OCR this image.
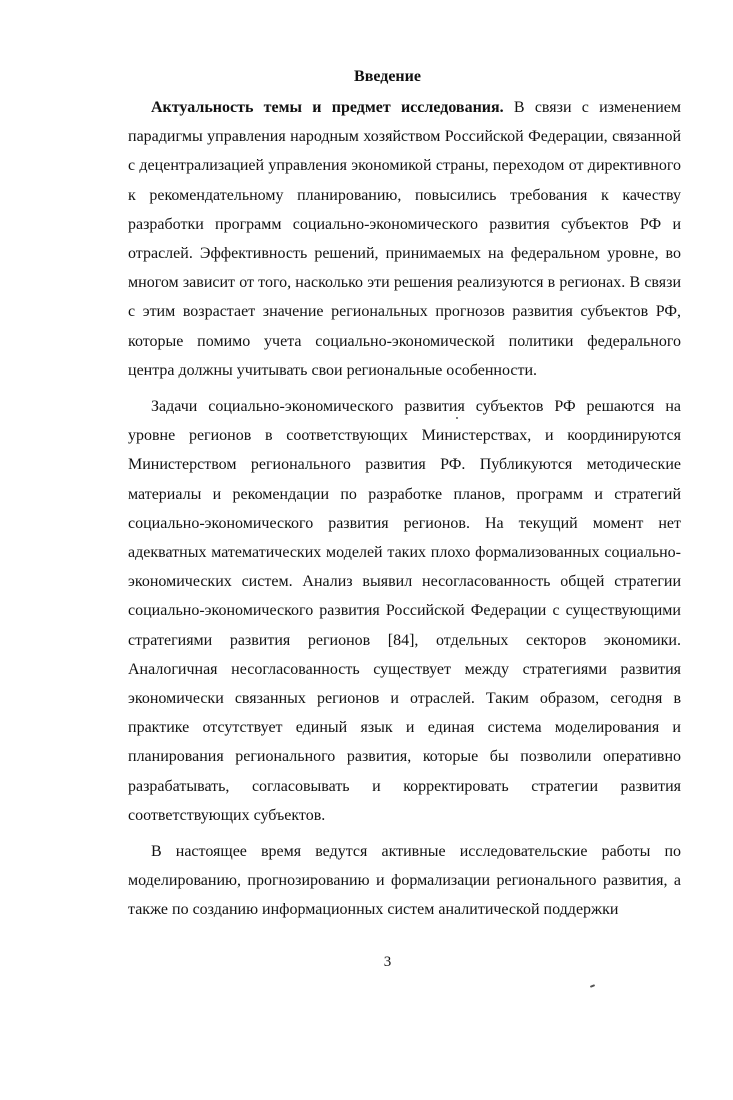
Введение

Актуальность темы и предмет исследования. В связи с изменением парадигмы управления народным хозяйством Российской Федерации, связанной с децентрализацией управления экономикой страны, переходом от директивного к рекомендательному планированию, повысились требования к качеству разработки программ социально-экономического развития субъектов РФ и отраслей. Эффективность решений, принимаемых на федеральном уровне, во многом зависит от того, насколько эти решения реализуются в регионах. В связи с этим возрастает значение региональных прогнозов развития субъектов РФ, которые помимо учета социально-экономической политики федерального центра должны учитывать свои региональные особенности.

Задачи социально-экономического развития субъектов РФ решаются на уровне регионов в соответствующих Министерствах, и координируются Министерством регионального развития РФ. Публикуются методические материалы и рекомендации по разработке планов, программ и стратегий социально-экономического развития регионов. На текущий момент нет адекватных математических моделей таких плохо формализованных социально-экономических систем. Анализ выявил несогласованность общей стратегии социально-экономического развития Российской Федерации с существующими стратегиями развития регионов [84], отдельных секторов экономики. Аналогичная несогласованность существует между стратегиями развития экономически связанных регионов и отраслей. Таким образом, сегодня в практике отсутствует единый язык и единая система моделирования и планирования регионального развития, которые бы позволили оперативно разрабатывать, согласовывать и корректировать стратегии развития соответствующих субъектов.

В настоящее время ведутся активные исследовательские работы по моделированию, прогнозированию и формализации регионального развития, а также по созданию информационных систем аналитической поддержки

3
